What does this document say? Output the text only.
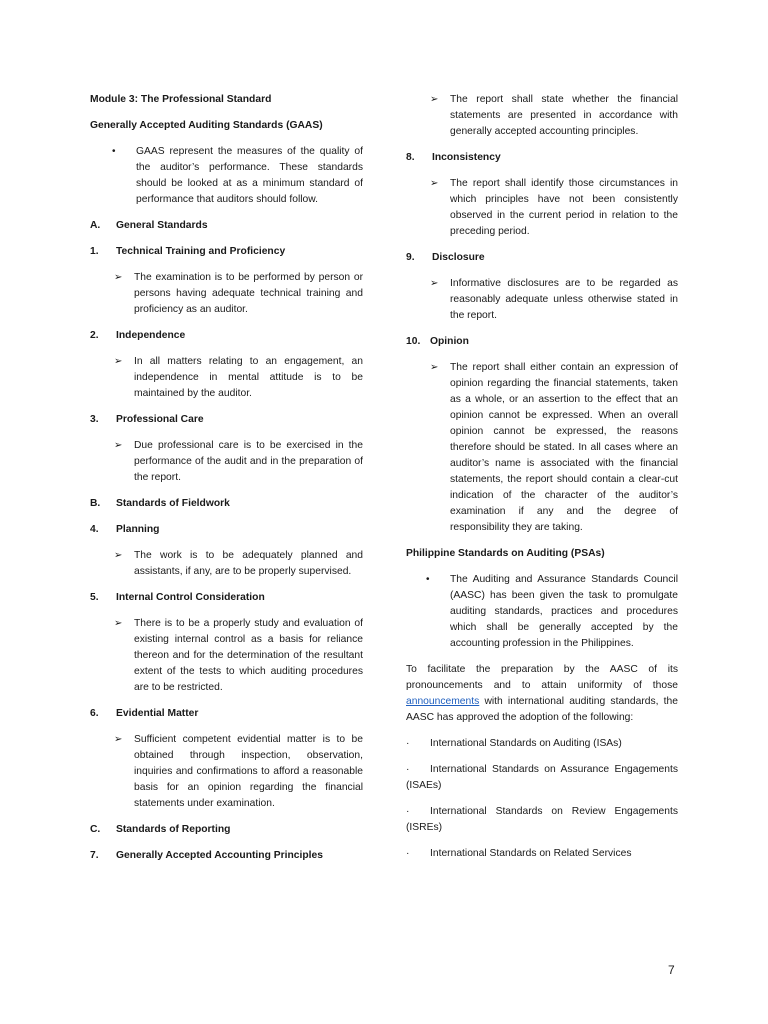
Module 3: The Professional Standard

Generally Accepted Auditing Standards (GAAS)

•	GAAS represent the measures of the quality of the auditor’s performance. These standards should be looked at as a minimum standard of performance that auditors should follow.
A.	General Standards
1.	Technical Training and Proficiency
➢	The examination is to be performed by person or persons having adequate technical training and proficiency as an auditor.
2.	Independence
➢	In all matters relating to an engagement, an independence in mental attitude is to be maintained by the auditor.
3.	Professional Care
➢	Due professional care is to be exercised in the performance of the audit and in the preparation of the report.
B.	Standards of Fieldwork
4.	Planning
➢	The work is to be adequately planned and assistants, if any, are to be properly supervised.
5.	Internal Control Consideration
➢	There is to be a properly study and evaluation of existing internal control as a basis for reliance thereon and for the determination of the resultant extent of the tests to which auditing procedures are to be restricted.
6.	Evidential Matter
➢	Sufficient competent evidential matter is to be obtained through inspection, observation, inquiries and confirmations to afford a reasonable basis for an opinion regarding the financial statements under examination.
C.	Standards of Reporting
7.	Generally Accepted Accounting Principles
➢	The report shall state whether the financial statements are presented in accordance with generally accepted accounting principles.
8.	Inconsistency
➢	The report shall identify those circumstances in which principles have not been consistently observed in the current period in relation to the preceding period.
9.	Disclosure
➢	Informative disclosures are to be regarded as reasonably adequate unless otherwise stated in the report.
10. Opinion
➢	The report shall either contain an expression of opinion regarding the financial statements, taken as a whole, or an assertion to the effect that an opinion cannot be expressed. When an overall opinion cannot be expressed, the reasons therefore should be stated. In all cases where an auditor’s name is associated with the financial statements, the report should contain a clear-cut indication of the character of the auditor’s examination if any and the degree of responsibility they are taking.

Philippine Standards on Auditing (PSAs)

•	The Auditing and Assurance Standards Council (AASC) has been given the task to promulgate auditing standards, practices and procedures which shall be generally accepted by the accounting profession in the Philippines.

To facilitate the preparation by the AASC of its pronouncements and to attain uniformity of those announcements with international auditing standards, the AASC has approved the adoption of the following:

· International Standards on Auditing (ISAs)

· International Standards on Assurance Engagements (ISAEs)

· International Standards on Review Engagements (ISREs)

· International Standards on Related Services

7
